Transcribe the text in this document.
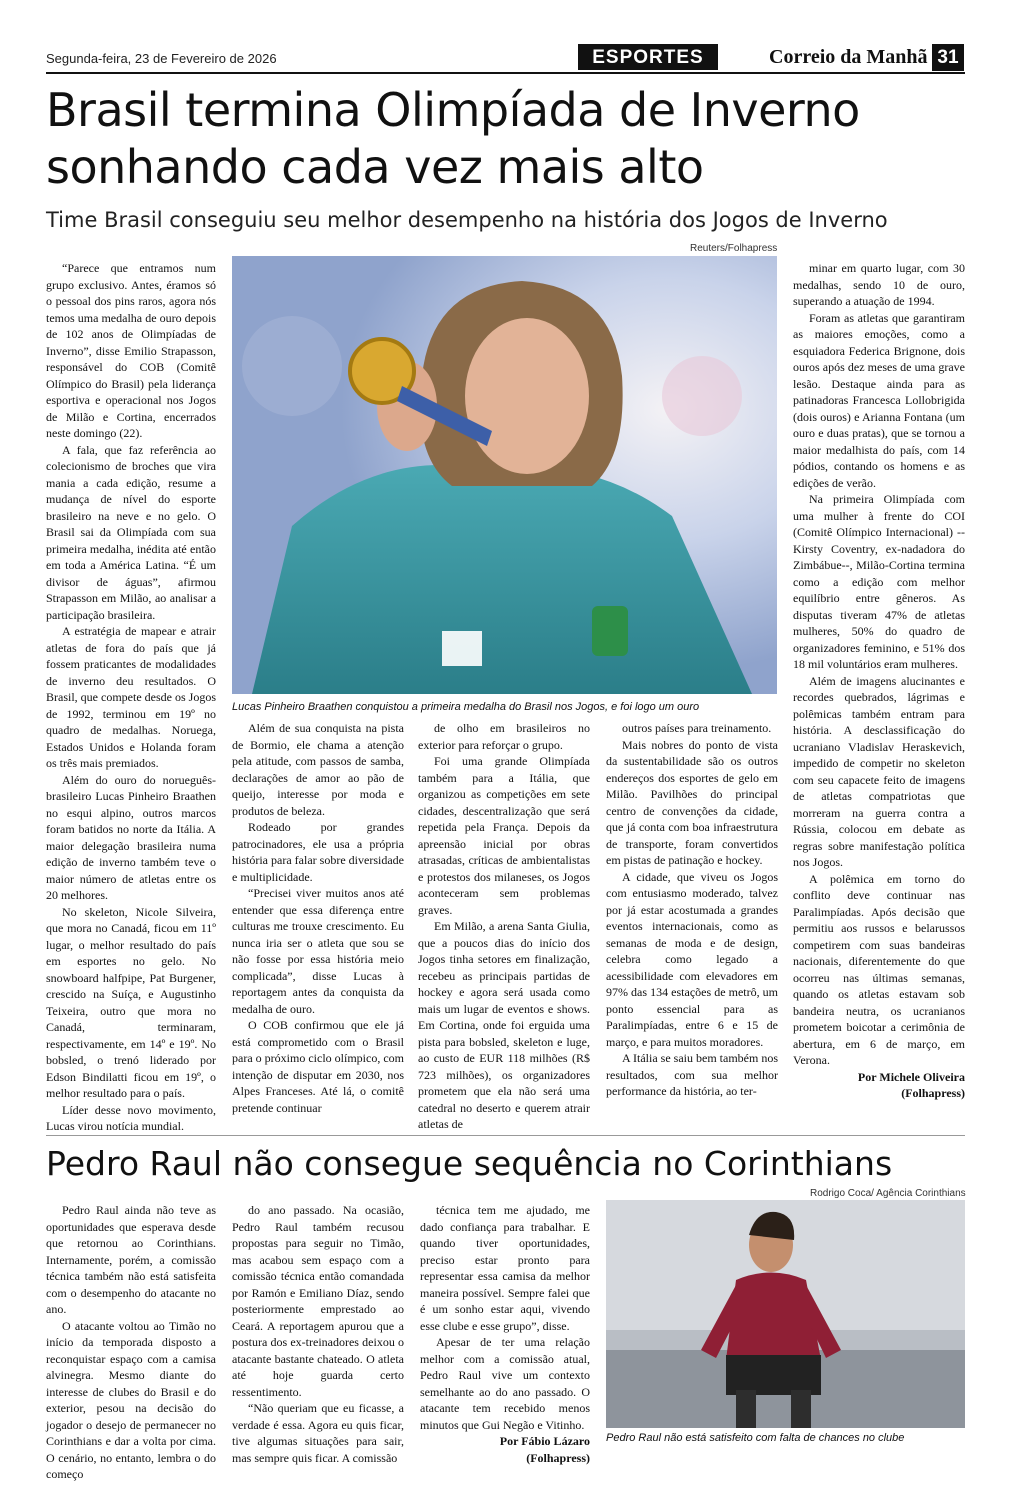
Segunda-feira, 23 de Fevereiro de 2026	ESPORTES	Correio da Manhã 31
Brasil termina Olimpíada de Inverno sonhando cada vez mais alto
Time Brasil conseguiu seu melhor desempenho na história dos Jogos de Inverno
Reuters/Folhapress

“Parece que entramos num grupo exclusivo. Antes, éramos só o pessoal dos pins raros, agora nós temos uma medalha de ouro depois de 102 anos de Olimpíadas de Inverno”, disse Emilio Strapasson, responsável do COB (Comitê Olímpico do Brasil) pela liderança esportiva e operacional nos Jogos de Milão e Cortina, encerrados neste domingo (22).

A fala, que faz referência ao colecionismo de broches que vira mania a cada edição, resume a mudança de nível do esporte brasileiro na neve e no gelo. O Brasil sai da Olimpíada com sua primeira medalha, inédita até então em toda a América Latina. “É um divisor de águas”, afirmou Strapasson em Milão, ao analisar a participação brasileira.

A estratégia de mapear e atrair atletas de fora do país que já fossem praticantes de modalidades de inverno deu resultados. O Brasil, que compete desde os Jogos de 1992, terminou em 19º no quadro de medalhas. Noruega, Estados Unidos e Holanda foram os três mais premiados.

Além do ouro do norueguês-brasileiro Lucas Pinheiro Braathen no esqui alpino, outros marcos foram batidos no norte da Itália. A maior delegação brasileira numa edição de inverno também teve o maior número de atletas entre os 20 melhores.

No skeleton, Nicole Silveira, que mora no Canadá, ficou em 11º lugar, o melhor resultado do país em esportes no gelo. No snowboard halfpipe, Pat Burgener, crescido na Suíça, e Augustinho Teixeira, outro que mora no Canadá, terminaram, respectivamente, em 14º e 19º. No bobsled, o trenó liderado por Edson Bindilatti ficou em 19º, o melhor resultado para o país.

Líder desse novo movimento, Lucas virou notícia mundial.

Lucas Pinheiro Braathen conquistou a primeira medalha do Brasil nos Jogos, e foi logo um ouro

Além de sua conquista na pista de Bormio, ele chama a atenção pela atitude, com passos de samba, declarações de amor ao pão de queijo, interesse por moda e produtos de beleza.

Rodeado por grandes patrocinadores, ele usa a própria história para falar sobre diversidade e multiplicidade.

“Precisei viver muitos anos até entender que essa diferença entre culturas me trouxe crescimento. Eu nunca iria ser o atleta que sou se não fosse por essa história meio complicada”, disse Lucas à reportagem antes da conquista da medalha de ouro.

O COB confirmou que ele já está comprometido com o Brasil para o próximo ciclo olímpico, com intenção de disputar em 2030, nos Alpes Franceses. Até lá, o comitê pretende continuar

de olho em brasileiros no exterior para reforçar o grupo.

Foi uma grande Olimpíada também para a Itália, que organizou as competições em sete cidades, descentralização que será repetida pela França. Depois da apreensão inicial por obras atrasadas, críticas de ambientalistas e protestos dos milaneses, os Jogos aconteceram sem problemas graves.

Em Milão, a arena Santa Giulia, que a poucos dias do início dos Jogos tinha setores em finalização, recebeu as principais partidas de hockey e agora será usada como mais um lugar de eventos e shows. Em Cortina, onde foi erguida uma pista para bobsled, skeleton e luge, ao custo de EUR 118 milhões (R$ 723 milhões), os organizadores prometem que ela não será uma catedral no deserto e querem atrair atletas de

outros países para treinamento.

Mais nobres do ponto de vista da sustentabilidade são os outros endereços dos esportes de gelo em Milão. Pavilhões do principal centro de convenções da cidade, que já conta com boa infraestrutura de transporte, foram convertidos em pistas de patinação e hockey.

A cidade, que viveu os Jogos com entusiasmo moderado, talvez por já estar acostumada a grandes eventos internacionais, como as semanas de moda e de design, celebra como legado a acessibilidade com elevadores em 97% das 134 estações de metrô, um ponto essencial para as Paralimpíadas, entre 6 e 15 de março, e para muitos moradores.

A Itália se saiu bem também nos resultados, com sua melhor performance da história, ao ter-

minar em quarto lugar, com 30 medalhas, sendo 10 de ouro, superando a atuação de 1994.

Foram as atletas que garantiram as maiores emoções, como a esquiadora Federica Brignone, dois ouros após dez meses de uma grave lesão. Destaque ainda para as patinadoras Francesca Lollobrigida (dois ouros) e Arianna Fontana (um ouro e duas pratas), que se tornou a maior medalhista do país, com 14 pódios, contando os homens e as edições de verão.

Na primeira Olimpíada com uma mulher à frente do COI (Comitê Olímpico Internacional) --Kirsty Coventry, ex-nadadora do Zimbábue--, Milão-Cortina termina como a edição com melhor equilíbrio entre gêneros. As disputas tiveram 47% de atletas mulheres, 50% do quadro de organizadores feminino, e 51% dos 18 mil voluntários eram mulheres.

Além de imagens alucinantes e recordes quebrados, lágrimas e polêmicas também entram para história. A desclassificação do ucraniano Vladislav Heraskevich, impedido de competir no skeleton com seu capacete feito de imagens de atletas compatriotas que morreram na guerra contra a Rússia, colocou em debate as regras sobre manifestação política nos Jogos.

A polêmica em torno do conflito deve continuar nas Paralimpíadas. Após decisão que permitiu aos russos e belarussos competirem com suas bandeiras nacionais, diferentemente do que ocorreu nas últimas semanas, quando os atletas estavam sob bandeira neutra, os ucranianos prometem boicotar a cerimônia de abertura, em 6 de março, em Verona.

Por Michele Oliveira

(Folhapress)

Pedro Raul não consegue sequência no Corinthians

Pedro Raul ainda não teve as oportunidades que esperava desde que retornou ao Corinthians. Internamente, porém, a comissão técnica também não está satisfeita com o desempenho do atacante no ano.

O atacante voltou ao Timão no início da temporada disposto a reconquistar espaço com a camisa alvinegra. Mesmo diante do interesse de clubes do Brasil e do exterior, pesou na decisão do jogador o desejo de permanecer no Corinthians e dar a volta por cima. O cenário, no entanto, lembra o do começo

do ano passado. Na ocasião, Pedro Raul também recusou propostas para seguir no Timão, mas acabou sem espaço com a comissão técnica então comandada por Ramón e Emiliano Díaz, sendo posteriormente emprestado ao Ceará. A reportagem apurou que a postura dos ex-treinadores deixou o atacante bastante chateado. O atleta até hoje guarda certo ressentimento.

“Não queriam que eu ficasse, a verdade é essa. Agora eu quis ficar, tive algumas situações para sair, mas sempre quis ficar. A comissão

técnica tem me ajudado, me dado confiança para trabalhar. E quando tiver oportunidades, preciso estar pronto para representar essa camisa da melhor maneira possível. Sempre falei que é um sonho estar aqui, vivendo esse clube e esse grupo”, disse.

Apesar de ter uma relação melhor com a comissão atual, Pedro Raul vive um contexto semelhante ao do ano passado. O atacante tem recebido menos minutos que Gui Negão e Vitinho.

Por Fábio Lázaro

(Folhapress)

Rodrigo Coca/ Agência Corinthians
Pedro Raul não está satisfeito com falta de chances no clube
